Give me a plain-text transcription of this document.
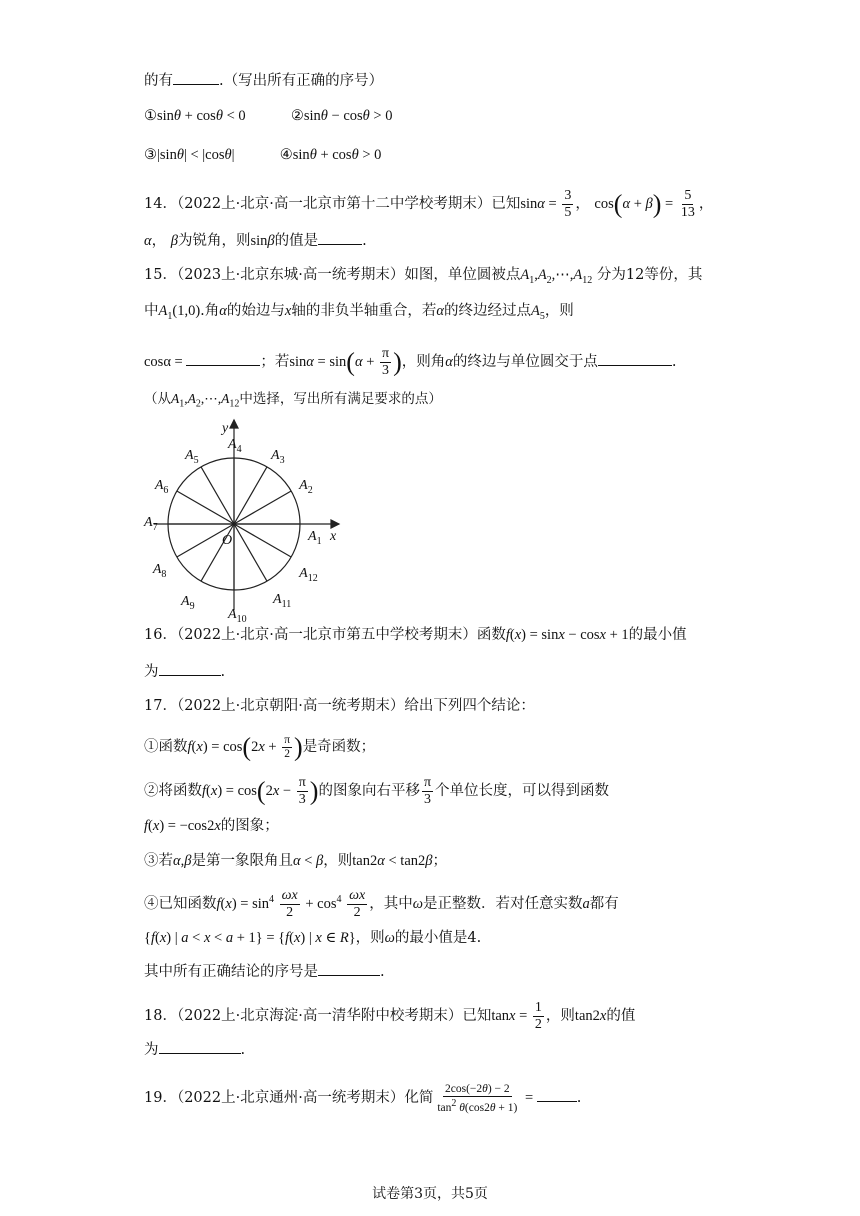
的有	.（写出所有正确的序号）
①sinθ + cosθ < 0	②sinθ − cosθ > 0
③|sinθ| < |cosθ|	④sinθ + cosθ > 0
14．（2022上·北京·高一北京市第十二中学校考期末）已知$\sin\alpha = \frac{3}{5}$ ， $\cos(\alpha + \beta) = \frac{5}{13}$ ，
α， β为锐角，则sinβ的值是	.
15．（2023上·北京东城·高一统考期末）如图，单位圆被点$A_1,A_2,\cdots,A_{12}$ 分为12等份，其
中$A_1(1,0)$.角α的始边与x轴的非负半轴重合，若α的终边经过点$A_5$，则
cosα =	；若$\sin\alpha = \sin(\alpha + \frac{\pi}{3}$ )，则角α的终边与单位圆交于点	.
（从$A_1,A_2,\cdots,A_{12}$中选择，写出所有满足要求的点）
$A_1$
$A_2$
$A_3$
$A_4$
$A_5$
$A_6$
$A_7$
$A_8$
$A_9$
$A_{10}$
$A_{11}$
$A_{12}$
O	x
y
16．（2022上·北京·高一北京市第五中学校考期末）函数f(x) = sinx − cosx + 1的最小值
为	.
17．（2022上·北京朝阳·高一统考期末）给出下列四个结论：
①函数$f(x) = \cos(2x + \frac{\pi}{2}$ )是奇函数；
②将函数$f(x) = \cos(2x - \frac{\pi}{3}$ )的图象向右平移 $\frac{\pi}{3}$ 个单位长度，可以得到函数
f(x) = −cos2x的图象；
③若α,β是第一象限角且α < β，则tan2α < tan2β；
④已知函数$f(x) = \sin^4 \frac{\omega x}{2} + \cos^4 \frac{\omega x}{2}$ ，其中ω是正整数．若对任意实数a都有
{f(x) | a < x < a + 1} = {f(x) | x ∈ R}，则ω的最小值是4.
其中所有正确结论的序号是	.
18．（2022上·北京海淀·高一清华附中校考期末）已知$\tan x = \frac{1}{2}$ ，则tan2x的值
为	.
19．（2022上·北京通州·高一统考期末）化简 $\frac{2\cos(-2\theta) - 2}{\tan 2 \theta(\cos 2\theta + 1)}$ =	.
试卷第3页，共5页
